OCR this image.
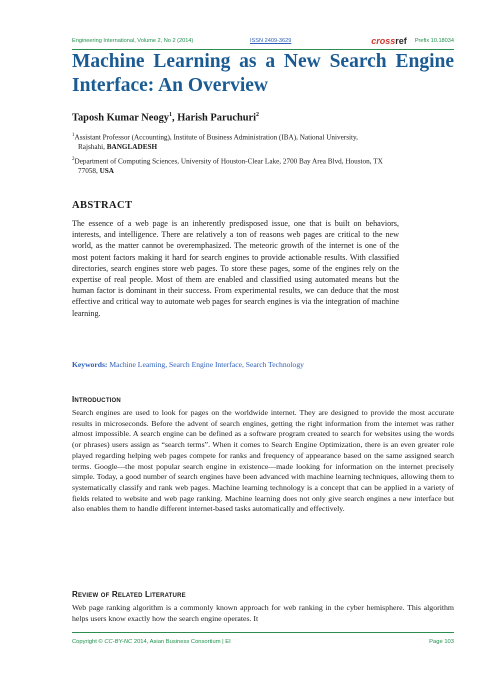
Engineering International, Volume 2, No 2 (2014)	ISSN 2409-3629	crossref Prefix 10.18034
Machine Learning as a New Search Engine Interface: An Overview
Taposh Kumar Neogy$^1$, Harish Paruchuri$^2$
$^1$Assistant Professor (Accounting), Institute of Business Administration (IBA), National University,
Rajshahi, BANGLADESH
$^2$Department of Computing Sciences, University of Houston-Clear Lake, 2700 Bay Area Blvd, Houston, TX
77058, USA
ABSTRACT
The essence of a web page is an inherently predisposed issue, one that is built on behaviors, interests, and intelligence. There are relatively a ton of reasons web pages are critical to the new world, as the matter cannot be overemphasized. The meteoric growth of the internet is one of the most potent factors making it hard for search engines to provide actionable results. With classified directories, search engines store web pages. To store these pages, some of the engines rely on the expertise of real people. Most of them are enabled and classified using automated means but the human factor is dominant in their success. From experimental results, we can deduce that the most effective and critical way to automate web pages for search engines is via the integration of machine learning.
Keywords: Machine Learning, Search Engine Interface, Search Technology
Introduction
Search engines are used to look for pages on the worldwide internet. They are designed to provide the most accurate results in microseconds. Before the advent of search engines, getting the right information from the internet was rather almost impossible. A search engine can be defined as a software program created to search for websites using the words (or phrases) users assign as “search terms”. When it comes to Search Engine Optimization, there is an even greater role played regarding helping web pages compete for ranks and frequency of appearance based on the same assigned search terms. Google—the most popular search engine in existence—made looking for information on the internet precisely simple. Today, a good number of search engines have been advanced with machine learning techniques, allowing them to systematically classify and rank web pages. Machine learning technology is a concept that can be applied in a variety of fields related to website and web page ranking. Machine learning does not only give search engines a new interface but also enables them to handle different internet-based tasks automatically and effectively.
Review of Related Literature
Web page ranking algorithm is a commonly known approach for web ranking in the cyber hemisphere. This algorithm helps users know exactly how the search engine operates. It
Copyright © CC-BY-NC 2014, Asian Business Consortium | EI	Page 103
